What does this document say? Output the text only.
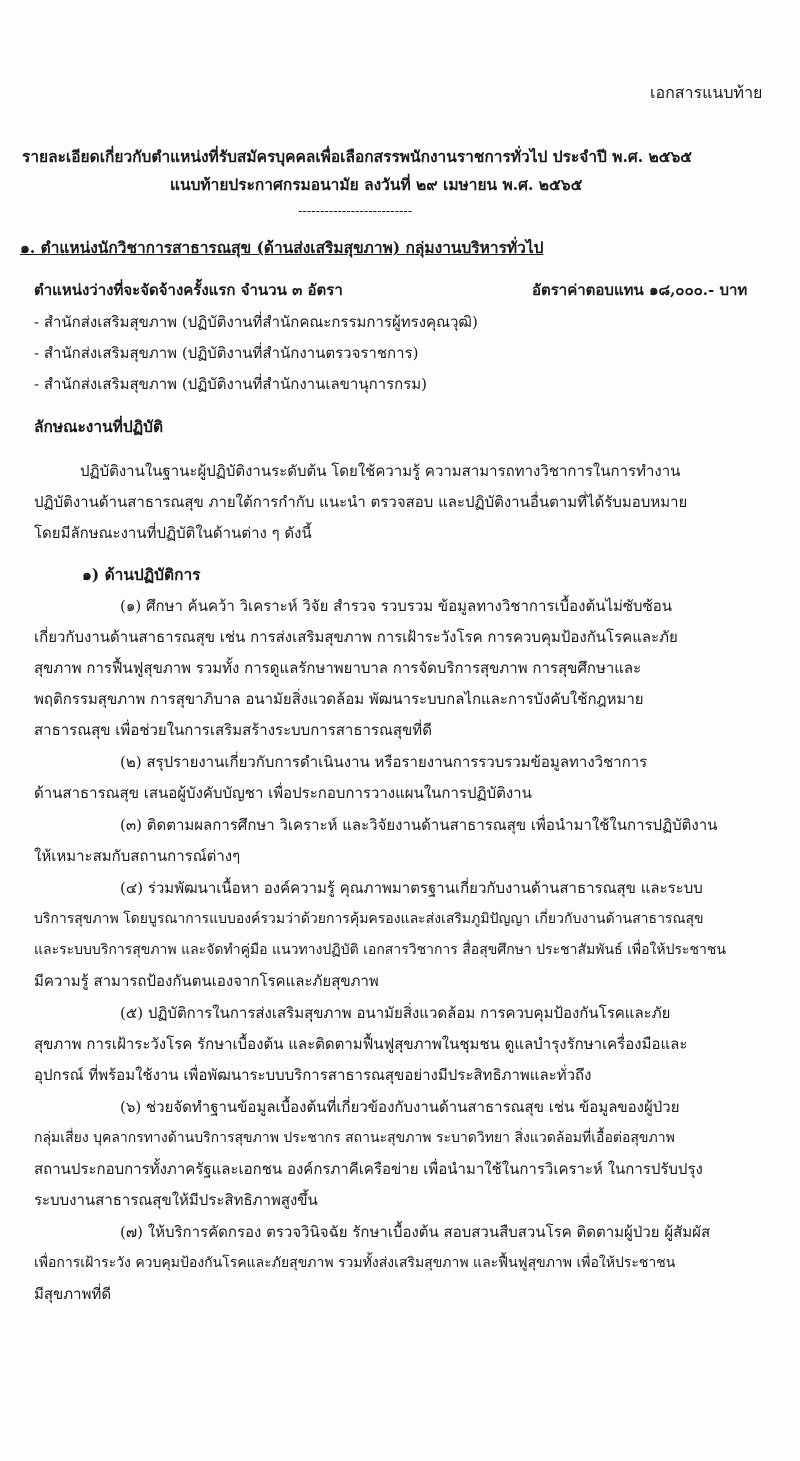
เอกสารแนบท้าย
รายละเอียดเกี่ยวกับตำแหน่งที่รับสมัครบุคคลเพื่อเลือกสรรพนักงานราชการทั่วไป ประจำปี พ.ศ. ๒๕๖๕
แนบท้ายประกาศกรมอนามัย ลงวันที่ ๒๙ เมษายน พ.ศ. ๒๕๖๕
--------------------------
๑. ตำแหน่งนักวิชาการสาธารณสุข (ด้านส่งเสริมสุขภาพ) กลุ่มงานบริหารทั่วไป
ตำแหน่งว่างที่จะจัดจ้างครั้งแรก จำนวน ๓ อัตรา	อัตราค่าตอบแทน ๑๘,๐๐๐.- บาท
- สำนักส่งเสริมสุขภาพ (ปฏิบัติงานที่สำนักคณะกรรมการผู้ทรงคุณวุฒิ)
- สำนักส่งเสริมสุขภาพ (ปฏิบัติงานที่สำนักงานตรวจราชการ)
- สำนักส่งเสริมสุขภาพ (ปฏิบัติงานที่สำนักงานเลขานุการกรม)
ลักษณะงานที่ปฏิบัติ
ปฏิบัติงานในฐานะผู้ปฏิบัติงานระดับต้น โดยใช้ความรู้ ความสามารถทางวิชาการในการทำงาน
ปฏิบัติงานด้านสาธารณสุข ภายใต้การกำกับ แนะนำ ตรวจสอบ และปฏิบัติงานอื่นตามที่ได้รับมอบหมาย
โดยมีลักษณะงานที่ปฏิบัติในด้านต่าง ๆ ดังนี้
๑) ด้านปฏิบัติการ
(๑) ศึกษา ค้นคว้า วิเคราะห์ วิจัย สำรวจ รวบรวม ข้อมูลทางวิชาการเบื้องต้นไม่ซับซ้อน
เกี่ยวกับงานด้านสาธารณสุข เช่น การส่งเสริมสุขภาพ การเฝ้าระวังโรค การควบคุมป้องกันโรคและภัย
สุขภาพ การฟื้นฟูสุขภาพ รวมทั้ง การดูแลรักษาพยาบาล การจัดบริการสุขภาพ การสุขศึกษาและ
พฤติกรรมสุขภาพ การสุขาภิบาล อนามัยสิ่งแวดล้อม พัฒนาระบบกลไกและการบังคับใช้กฎหมาย
สาธารณสุข เพื่อช่วยในการเสริมสร้างระบบการสาธารณสุขที่ดี
(๒) สรุปรายงานเกี่ยวกับการดำเนินงาน หรือรายงานการรวบรวมข้อมูลทางวิชาการ
ด้านสาธารณสุข เสนอผู้บังคับบัญชา เพื่อประกอบการวางแผนในการปฏิบัติงาน
(๓) ติดตามผลการศึกษา วิเคราะห์ และวิจัยงานด้านสาธารณสุข เพื่อนำมาใช้ในการปฏิบัติงาน
ให้เหมาะสมกับสถานการณ์ต่างๆ
(๔) ร่วมพัฒนาเนื้อหา องค์ความรู้ คุณภาพมาตรฐานเกี่ยวกับงานด้านสาธารณสุข และระบบ
บริการสุขภาพ โดยบูรณาการแบบองค์รวมว่าด้วยการคุ้มครองและส่งเสริมภูมิปัญญา เกี่ยวกับงานด้านสาธารณสุข
และระบบบริการสุขภาพ และจัดทำคู่มือ แนวทางปฏิบัติ เอกสารวิชาการ สื่อสุขศึกษา ประชาสัมพันธ์ เพื่อให้ประชาชน
มีความรู้ สามารถป้องกันตนเองจากโรคและภัยสุขภาพ
(๕) ปฏิบัติการในการส่งเสริมสุขภาพ อนามัยสิ่งแวดล้อม การควบคุมป้องกันโรคและภัย
สุขภาพ การเฝ้าระวังโรค รักษาเบื้องต้น และติดตามฟื้นฟูสุขภาพในชุมชน ดูแลบำรุงรักษาเครื่องมือและ
อุปกรณ์ ที่พร้อมใช้งาน เพื่อพัฒนาระบบบริการสาธารณสุขอย่างมีประสิทธิภาพและทั่วถึง
(๖) ช่วยจัดทำฐานข้อมูลเบื้องต้นที่เกี่ยวข้องกับงานด้านสาธารณสุข เช่น ข้อมูลของผู้ป่วย
กลุ่มเสี่ยง บุคลากรทางด้านบริการสุขภาพ ประชากร สถานะสุขภาพ ระบาดวิทยา สิ่งแวดล้อมที่เอื้อต่อสุขภาพ
สถานประกอบการทั้งภาครัฐและเอกชน องค์กรภาคีเครือข่าย เพื่อนำมาใช้ในการวิเคราะห์ ในการปรับปรุง
ระบบงานสาธารณสุขให้มีประสิทธิภาพสูงขึ้น
(๗) ให้บริการคัดกรอง ตรวจวินิจฉัย รักษาเบื้องต้น สอบสวนสืบสวนโรค ติดตามผู้ป่วย ผู้สัมผัส
เพื่อการเฝ้าระวัง ควบคุมป้องกันโรคและภัยสุขภาพ รวมทั้งส่งเสริมสุขภาพ และฟื้นฟูสุขภาพ เพื่อให้ประชาชน
มีสุขภาพที่ดี
